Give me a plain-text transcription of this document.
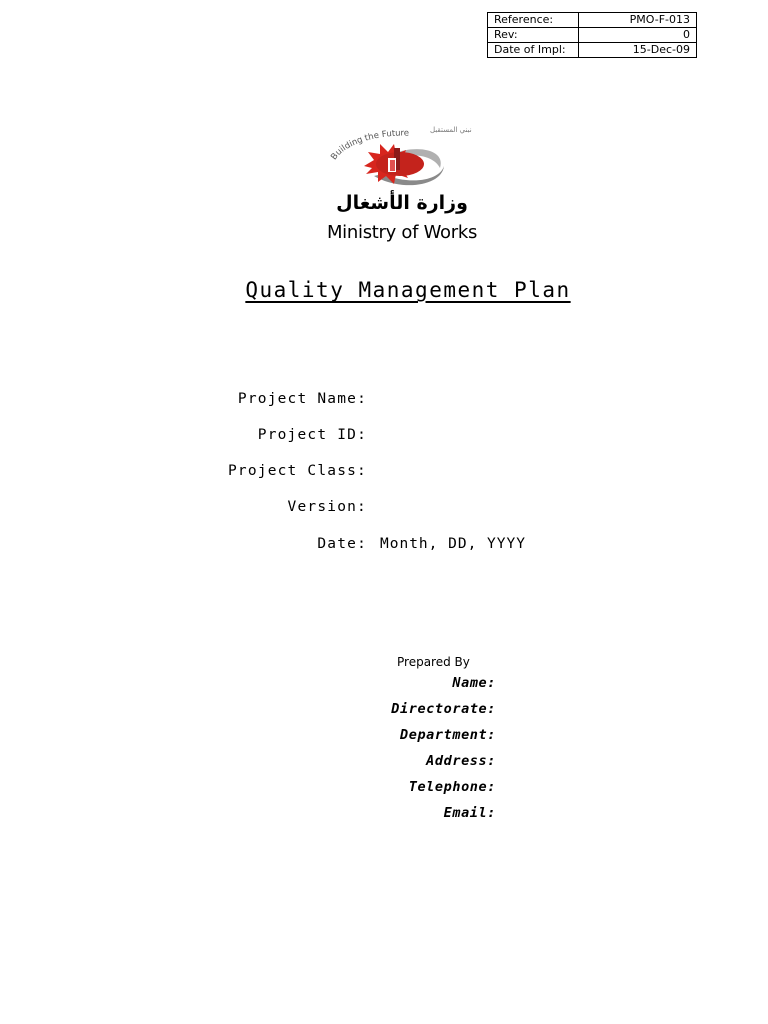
Reference:	PMO-F-013
Rev:	0
Date of Impl:	15-Dec-09
Building the Future	نبني المستقبل
وزارة الأشغال
Ministry of Works
Quality Management Plan
Project Name:
Project ID:
Project Class:
Version:
Date: Month, DD, YYYY
Prepared By
Name:
Directorate:
Department:
Address:
Telephone:
Email:
